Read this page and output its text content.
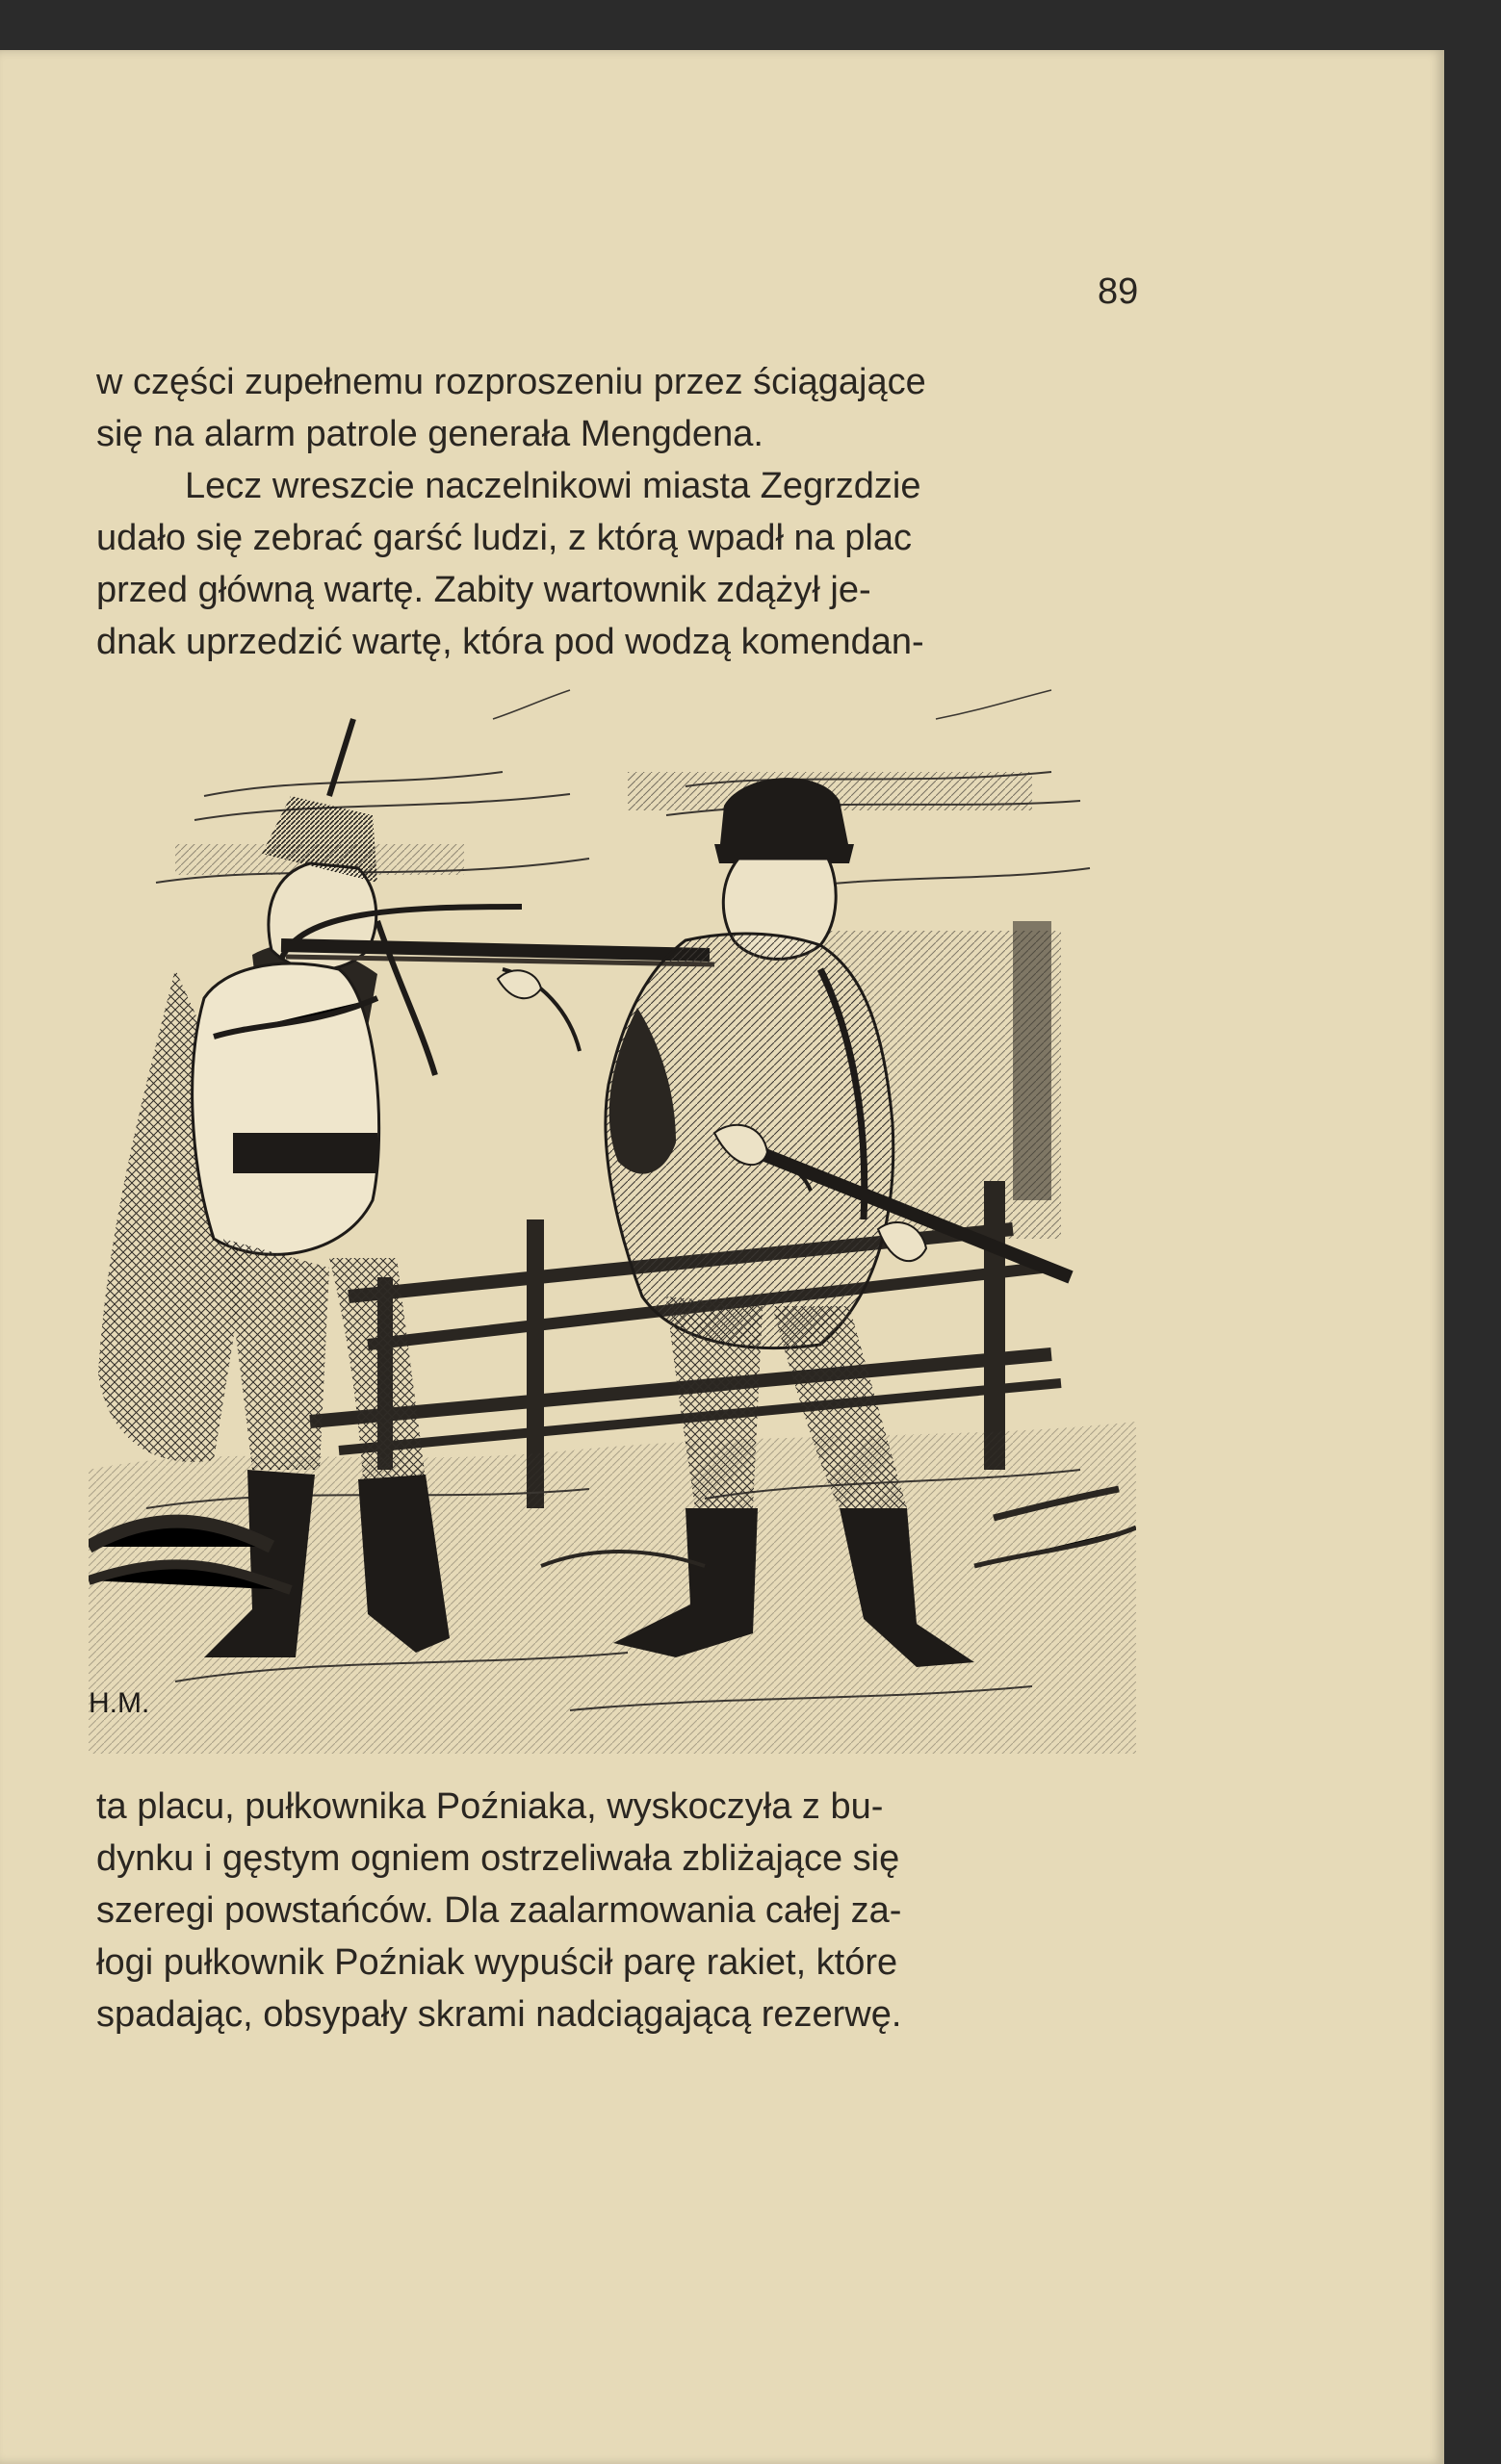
89
w części zupełnemu rozproszeniu przez ściągające
się na alarm patrole generała Mengdena.
Lecz wreszcie naczelnikowi miasta Zegrzdzie
udało się zebrać garść ludzi, z którą wpadł na plac
przed główną wartę. Zabity wartownik zdążył je-
dnak uprzedzić wartę, która pod wodzą komendan-
H.M.
ta placu, pułkownika Poźniaka, wyskoczyła z bu-
dynku i gęstym ogniem ostrzeliwała zbliżające się
szeregi powstańców. Dla zaalarmowania całej za-
łogi pułkownik Poźniak wypuścił parę rakiet, które
spadając, obsypały skrami nadciągającą rezerwę.
